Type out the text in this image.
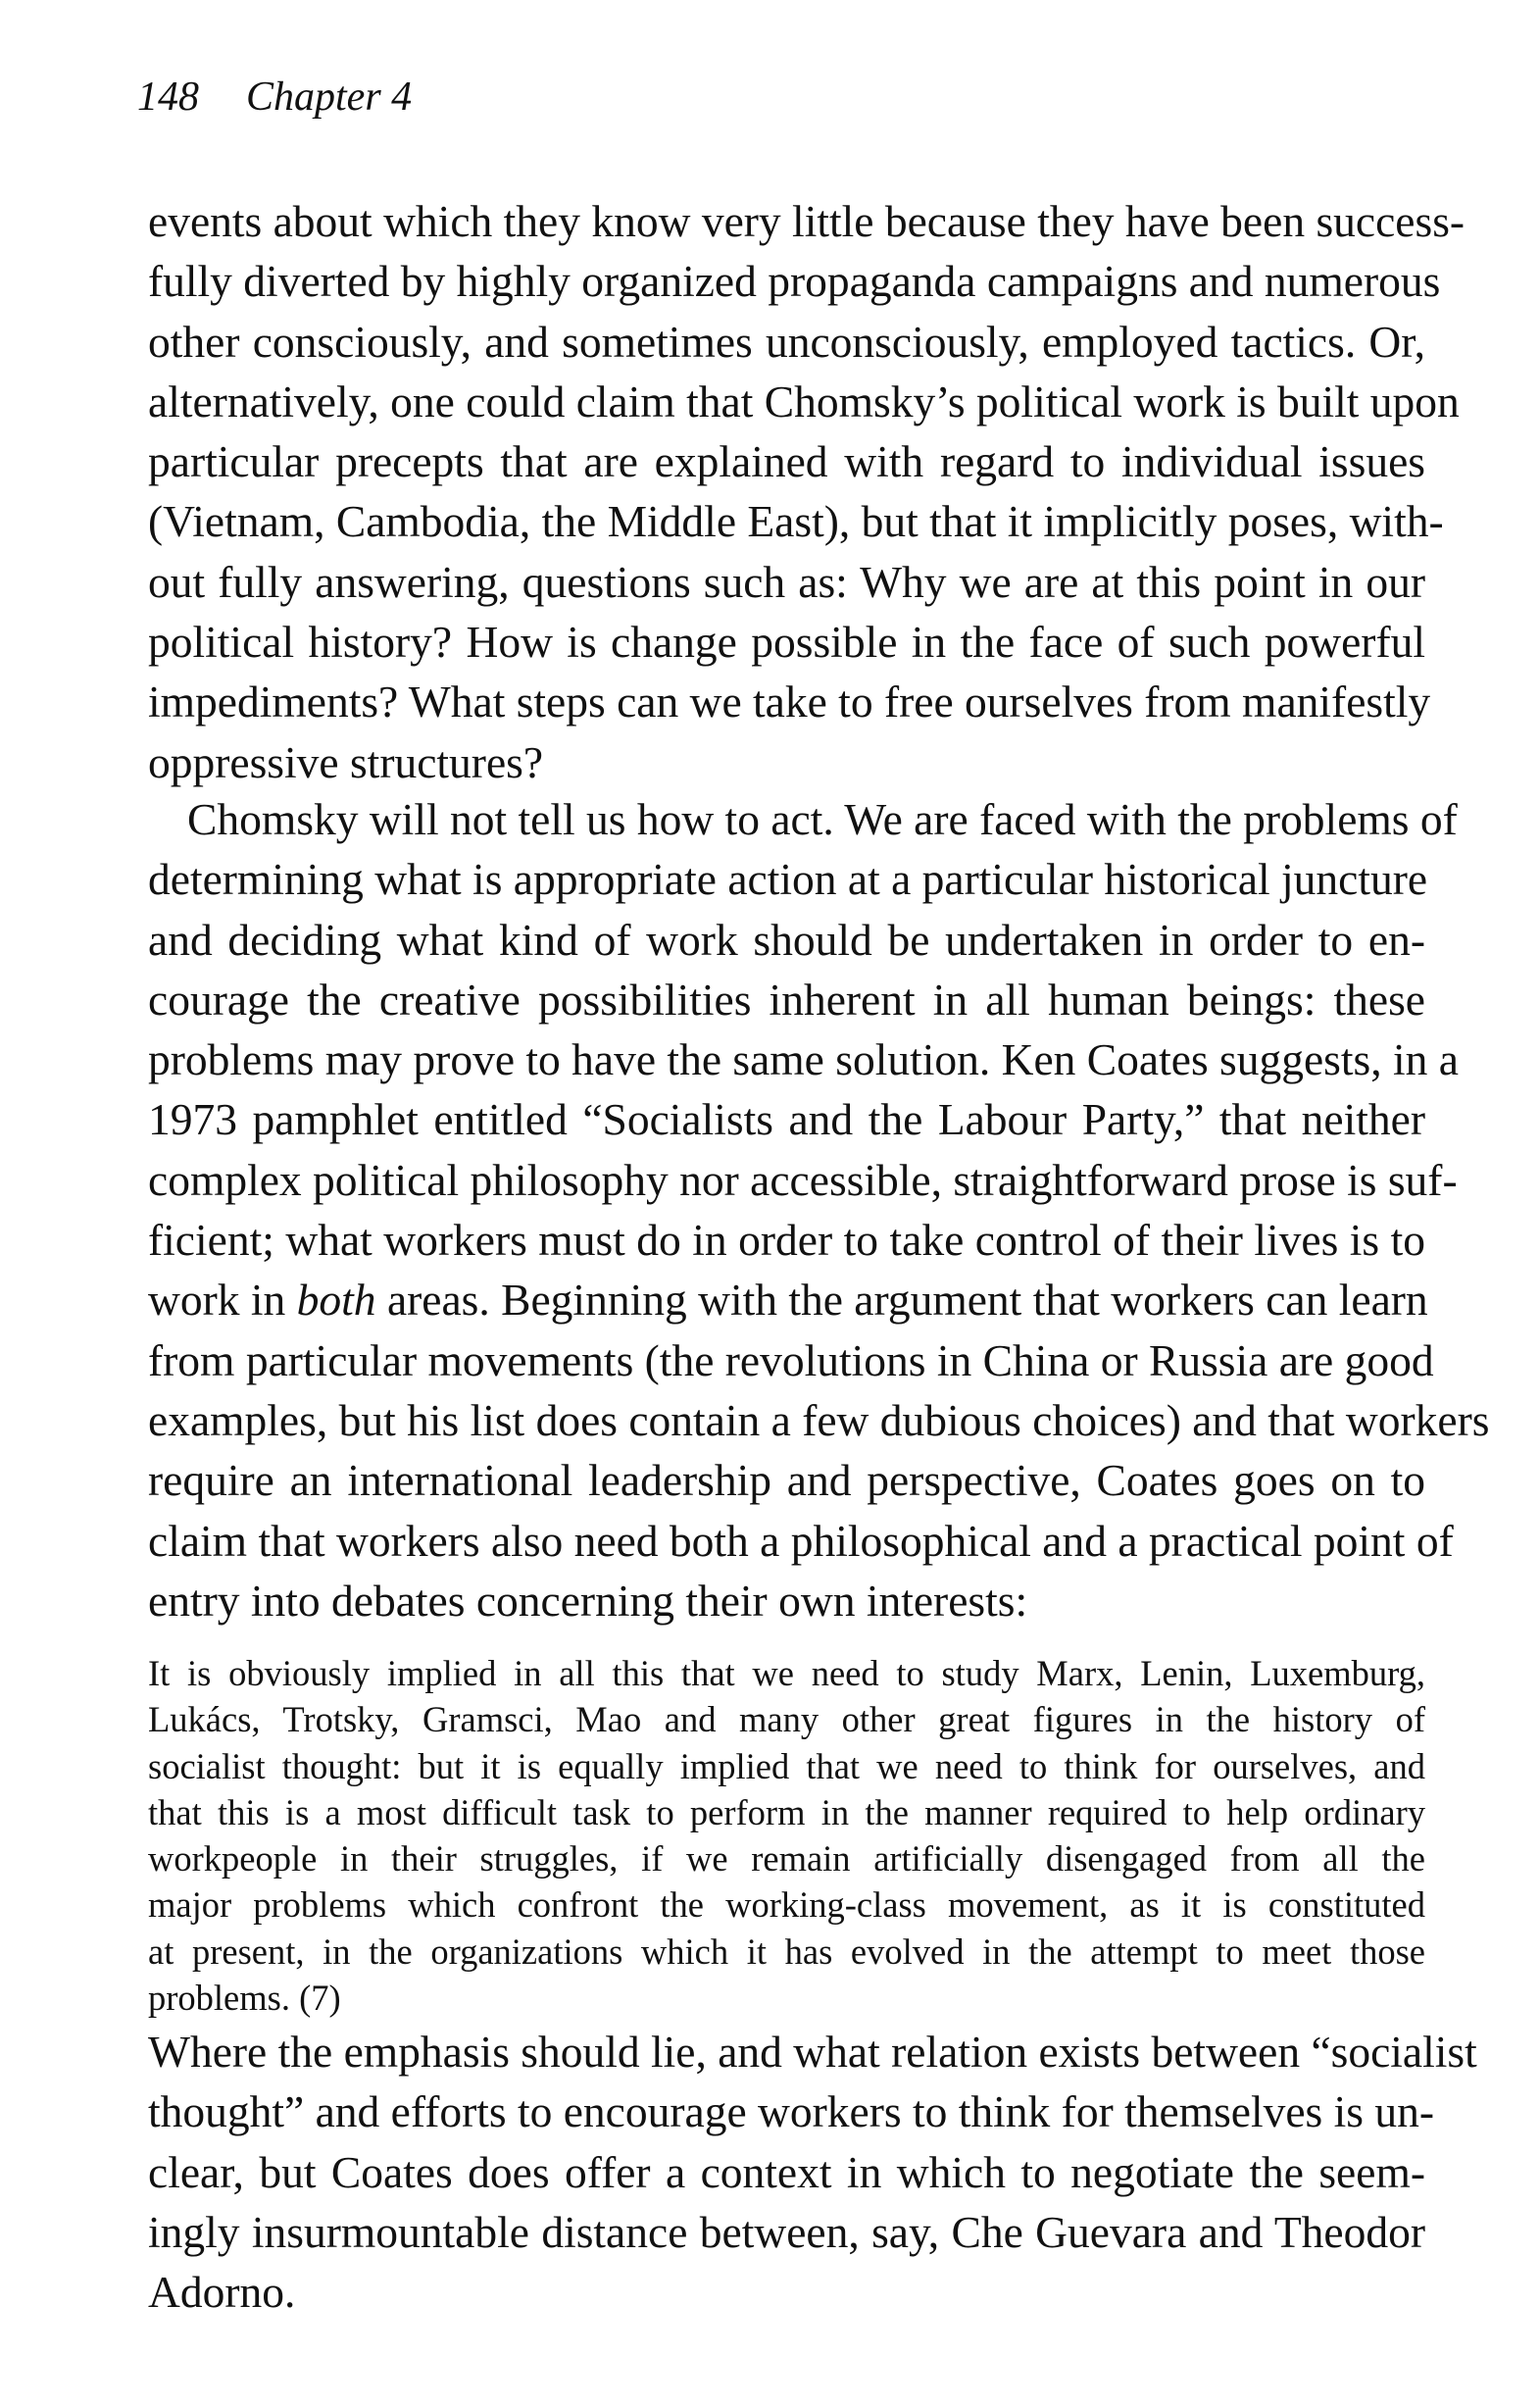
148 Chapter 4
events about which they know very little because they have been success-
fully diverted by highly organized propaganda campaigns and numerous
other consciously, and sometimes unconsciously, employed tactics. Or,
alternatively, one could claim that Chomsky’s political work is built upon
particular precepts that are explained with regard to individual issues
(Vietnam, Cambodia, the Middle East), but that it implicitly poses, with-
out fully answering, questions such as: Why we are at this point in our
political history? How is change possible in the face of such powerful
impediments? What steps can we take to free ourselves from manifestly
oppressive structures?
Chomsky will not tell us how to act. We are faced with the problems of
determining what is appropriate action at a particular historical juncture
and deciding what kind of work should be undertaken in order to en-
courage the creative possibilities inherent in all human beings: these
problems may prove to have the same solution. Ken Coates suggests, in a
1973 pamphlet entitled “Socialists and the Labour Party,” that neither
complex political philosophy nor accessible, straightforward prose is suf-
ficient; what workers must do in order to take control of their lives is to
work in both areas. Beginning with the argument that workers can learn
from particular movements (the revolutions in China or Russia are good
examples, but his list does contain a few dubious choices) and that workers
require an international leadership and perspective, Coates goes on to
claim that workers also need both a philosophical and a practical point of
entry into debates concerning their own interests:
It is obviously implied in all this that we need to study Marx, Lenin, Luxemburg,
Lukács, Trotsky, Gramsci, Mao and many other great figures in the history of
socialist thought: but it is equally implied that we need to think for ourselves, and
that this is a most difficult task to perform in the manner required to help ordinary
workpeople in their struggles, if we remain artificially disengaged from all the
major problems which confront the working-class movement, as it is constituted
at present, in the organizations which it has evolved in the attempt to meet those
problems. (7)
Where the emphasis should lie, and what relation exists between “socialist
thought” and efforts to encourage workers to think for themselves is un-
clear, but Coates does offer a context in which to negotiate the seem-
ingly insurmountable distance between, say, Che Guevara and Theodor
Adorno.
